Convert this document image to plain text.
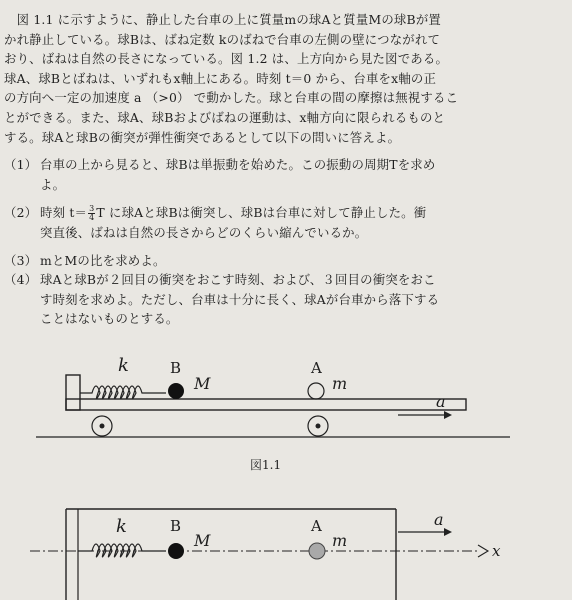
　図 1.1 に示すように、静止した台車の上に質量mの球Aと質量Mの球Bが置
かれ静止している。球Bは、ばね定数 kのばねで台車の左側の壁につながれて
おり、ばねは自然の長さになっている。図 1.2 は、上方向から見た図である。
球A、球Bとばねは、いずれもx軸上にある。時刻 t＝0 から、台車をx軸の正
の方向へ一定の加速度 a （>0） で動かした。球と台車の間の摩擦は無視するこ
とができる。また、球A、球Bおよびばねの運動は、x軸方向に限られるものと
する。球Aと球Bの衝突が弾性衝突であるとして以下の問いに答えよ。
（1） 台車の上から見ると、球Bは単振動を始めた。この振動の周期Tを求め
よ。
（2） 時刻 $t= \frac{3}{4}$ T に球Aと球Bは衝突し、球Bは台車に対して静止した。衝
突直後、ばねは自然の長さからどのくらい縮んでいるか。
（3） mとMの比を求めよ。
（4） 球Aと球Bが２回目の衝突をおこす時刻、および、３回目の衝突をおこ
す時刻を求めよ。ただし、台車は十分に長く、球Aが台車から落下する
ことはないものとする。
k	B
M
A
m
a
図1.1
k	B
M
A
m
a
x
